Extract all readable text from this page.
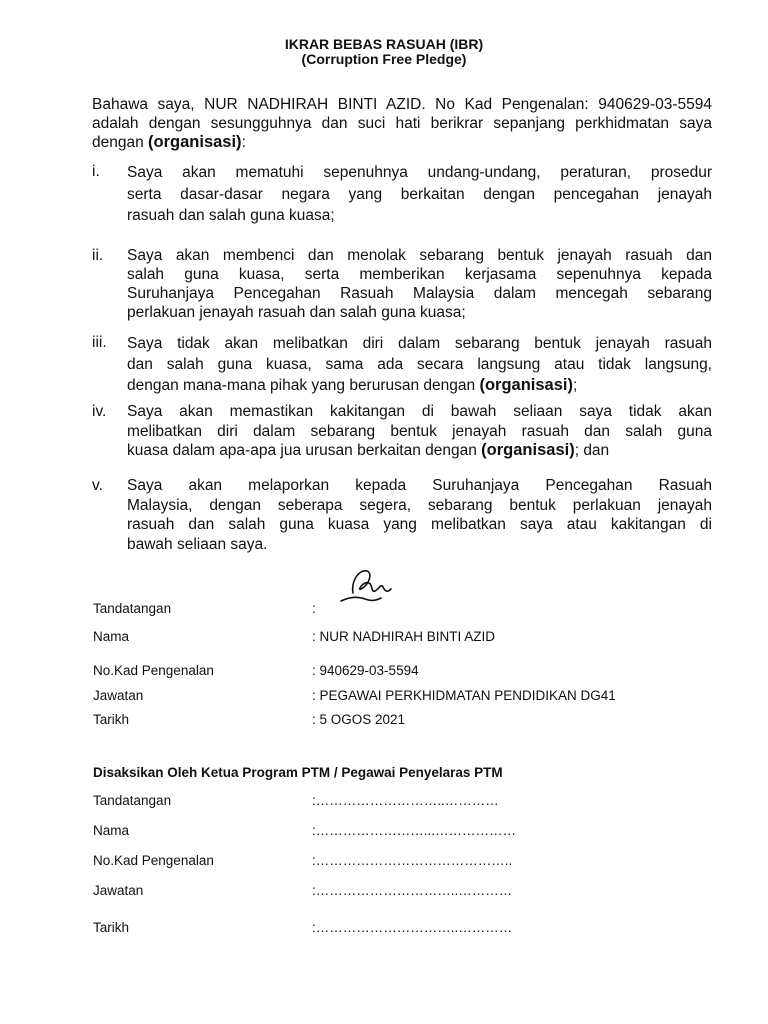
IKRAR BEBAS RASUAH (IBR)
(Corruption Free Pledge)
Bahawa saya, NUR NADHIRAH BINTI AZID. No Kad Pengenalan: 940629-03-5594
adalah dengan sesungguhnya dan suci hati berikrar sepanjang perkhidmatan saya
dengan (organisasi):
i.	Saya akan mematuhi sepenuhnya undang-undang, peraturan, prosedur
serta dasar-dasar negara yang berkaitan dengan pencegahan jenayah
rasuah dan salah guna kuasa;
ii.	Saya akan membenci dan menolak sebarang bentuk jenayah rasuah dan
salah guna kuasa, serta memberikan kerjasama sepenuhnya kepada
Suruhanjaya Pencegahan Rasuah Malaysia dalam mencegah sebarang
perlakuan jenayah rasuah dan salah guna kuasa;
iii.	Saya tidak akan melibatkan diri dalam sebarang bentuk jenayah rasuah
dan salah guna kuasa, sama ada secara langsung atau tidak langsung,
dengan mana-mana pihak yang berurusan dengan (organisasi);
iv.	Saya akan memastikan kakitangan di bawah seliaan saya tidak akan
melibatkan diri dalam sebarang bentuk jenayah rasuah dan salah guna
kuasa dalam apa-apa jua urusan berkaitan dengan (organisasi); dan
v.	Saya akan melaporkan kepada Suruhanjaya Pencegahan Rasuah
Malaysia, dengan seberapa segera, sebarang bentuk perlakuan jenayah
rasuah dan salah guna kuasa yang melibatkan saya atau kakitangan di
bawah seliaan saya.
Tandatangan	:
Nama	: NUR NADHIRAH BINTI AZID
No.Kad Pengenalan	: 940629-03-5594
Jawatan	: PEGAWAI PERKHIDMATAN PENDIDIKAN DG41
Tarikh	: 5 OGOS 2021
Disaksikan Oleh Ketua Program PTM / Pegawai Penyelaras PTM
Tandatangan	:………………………..…………
Nama	:……………………...………………
No.Kad Pengenalan	:……………………………………..
Jawatan	:…………………………..…………
Tarikh	:…………………………..…………
